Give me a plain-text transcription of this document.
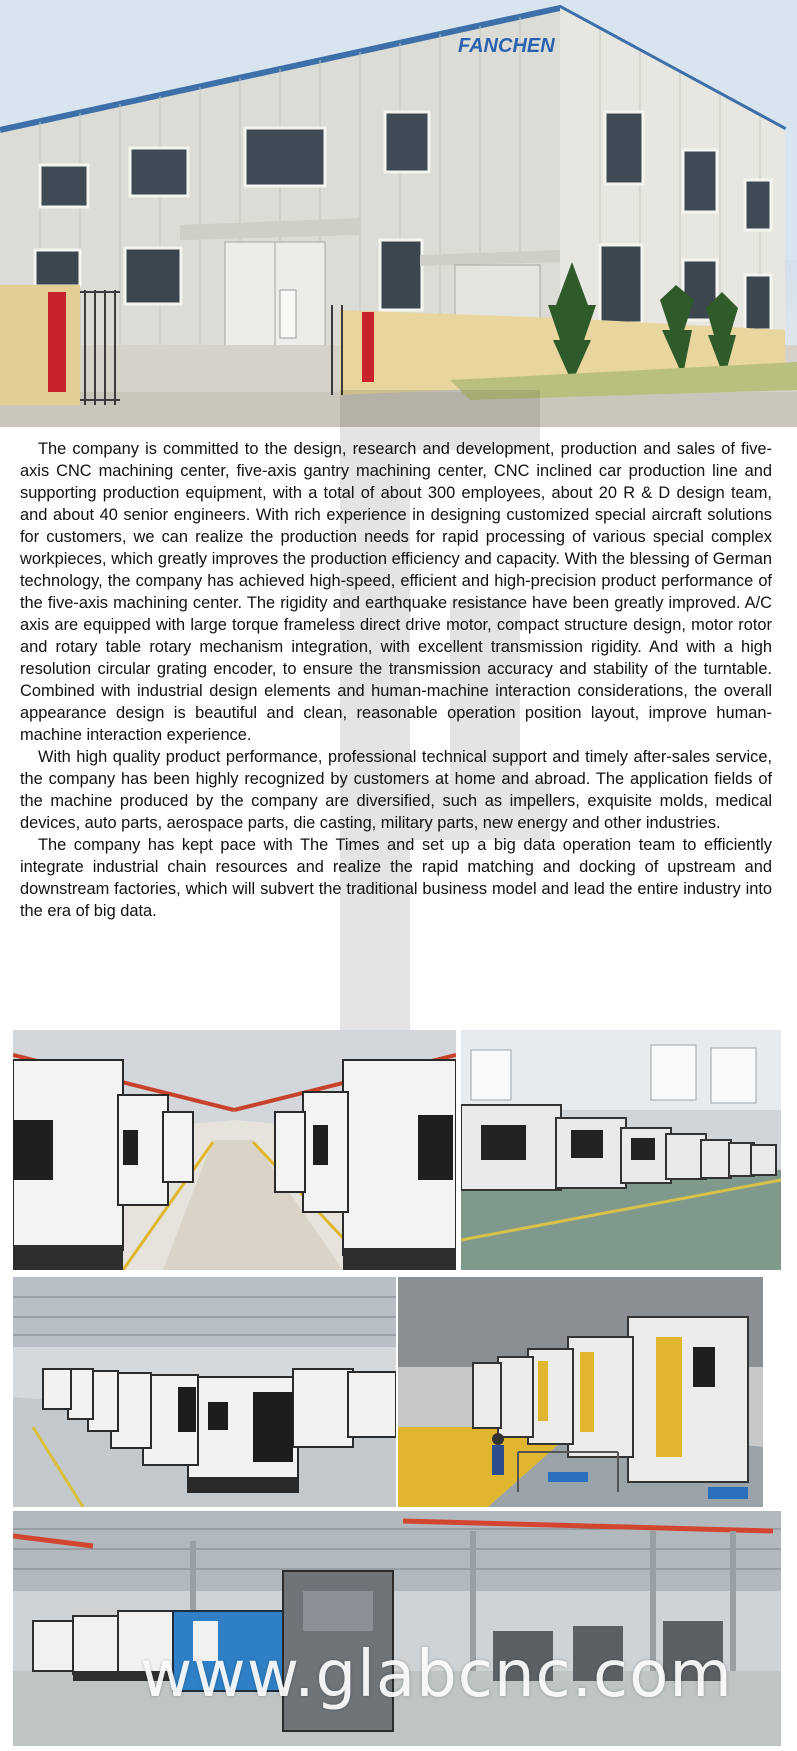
FANCHEN

The company is committed to the design, research and development, production and sales of five-axis CNC machining center, five-axis gantry machining center, CNC inclined car production line and supporting production equipment, with a total of about 300 employees, about 20 R & D design team, and about 40 senior engineers. With rich experience in designing customized special aircraft solutions for customers, we can realize the production needs for rapid processing of various special complex workpieces, which greatly improves the production efficiency and capacity. With the blessing of German technology, the company has achieved high-speed, efficient and high-precision product performance of the five-axis machining center. The rigidity and earthquake resistance have been greatly improved. A/C axis are equipped with large torque frameless direct drive motor, compact structure design, motor rotor and rotary table rotary mechanism integration, with excellent transmission rigidity. And with a high resolution circular grating encoder, to ensure the transmission accuracy and stability of the turntable. Combined with industrial design elements and human-machine interaction considerations, the overall appearance design is beautiful and clean, reasonable operation position layout, improve human-machine interaction experience.

With high quality product performance, professional technical support and timely after-sales service, the company has been highly recognized by customers at home and abroad. The application fields of the machine produced by the company are diversified, such as impellers, exquisite molds, medical devices, auto parts, aerospace parts, die casting, military parts, new energy and other industries.

The company has kept pace with The Times and set up a big data operation team to efficiently integrate industrial chain resources and realize the rapid matching and docking of upstream and downstream factories, which will subvert the traditional business model and lead the entire industry into the era of big data.

www.glabcnc.com
